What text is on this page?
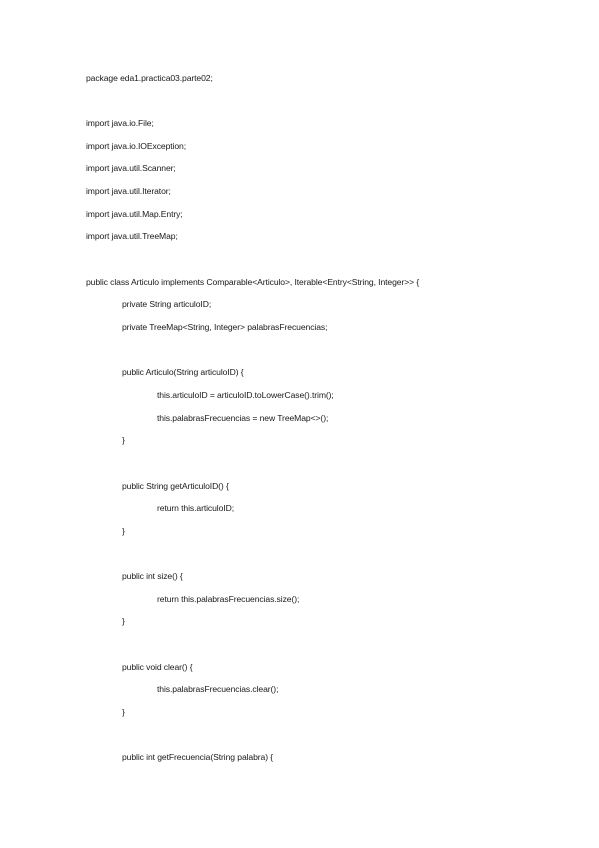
package eda1.practica03.parte02;
import java.io.File;
import java.io.IOException;
import java.util.Scanner;
import java.util.Iterator;
import java.util.Map.Entry;
import java.util.TreeMap;
public class Articulo implements Comparable<Articulo>, Iterable<Entry<String, Integer>> {
private String articuloID;
private TreeMap<String, Integer> palabrasFrecuencias;
public Articulo(String articuloID) {
this.articuloID = articuloID.toLowerCase().trim();
this.palabrasFrecuencias = new TreeMap<>();
}
public String getArticuloID() {
return this.articuloID;
}
public int size() {
return this.palabrasFrecuencias.size();
}
public void clear() {
this.palabrasFrecuencias.clear();
}
public int getFrecuencia(String palabra) {
